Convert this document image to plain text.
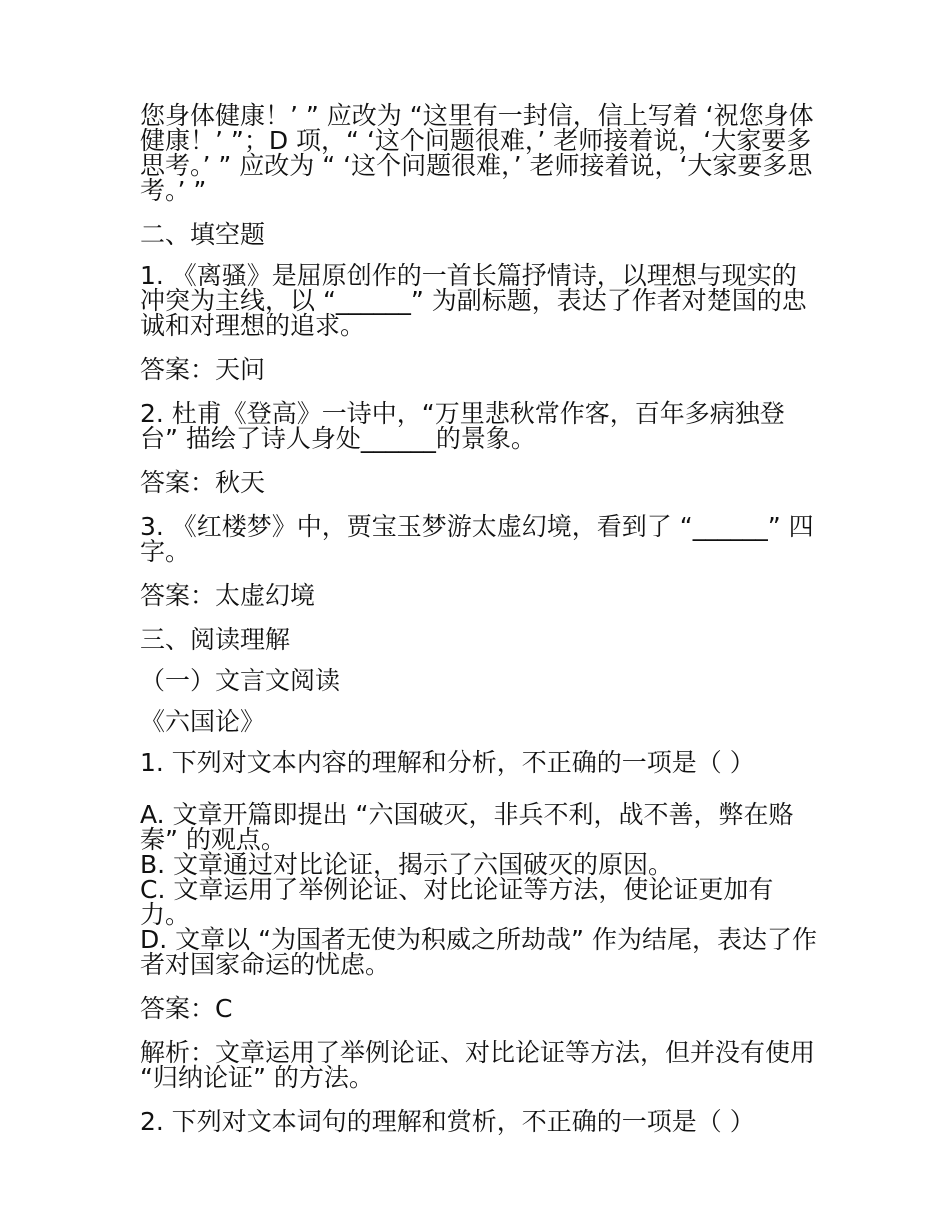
您身体健康！’ ” 应改为 “这里有一封信，信上写着 ‘祝您身体健康！’ ”；D 项，“ ‘这个问题很难，’ 老师接着说，‘大家要多思考。’ ” 应改为 “ ‘这个问题很难，’ 老师接着说，‘大家要多思考。’ ”

二、填空题

1. 《离骚》是屈原创作的一首长篇抒情诗，以理想与现实的冲突为主线，以 “______” 为副标题，表达了作者对楚国的忠诚和对理想的追求。

答案：天问

2. 杜甫《登高》一诗中，“万里悲秋常作客，百年多病独登台” 描绘了诗人身处______的景象。

答案：秋天

3. 《红楼梦》中，贾宝玉梦游太虚幻境，看到了 “______” 四字。

答案：太虚幻境

三、阅读理解

（一）文言文阅读

《六国论》

1. 下列对文本内容的理解和分析，不正确的一项是（ ）

A. 文章开篇即提出 “六国破灭，非兵不利，战不善，弊在赂秦” 的观点。

B. 文章通过对比论证，揭示了六国破灭的原因。

C. 文章运用了举例论证、对比论证等方法，使论证更加有力。

D. 文章以 “为国者无使为积威之所劫哉” 作为结尾，表达了作者对国家命运的忧虑。

答案：C

解析：文章运用了举例论证、对比论证等方法，但并没有使用 “归纳论证” 的方法。

2. 下列对文本词句的理解和赏析，不正确的一项是（ ）
